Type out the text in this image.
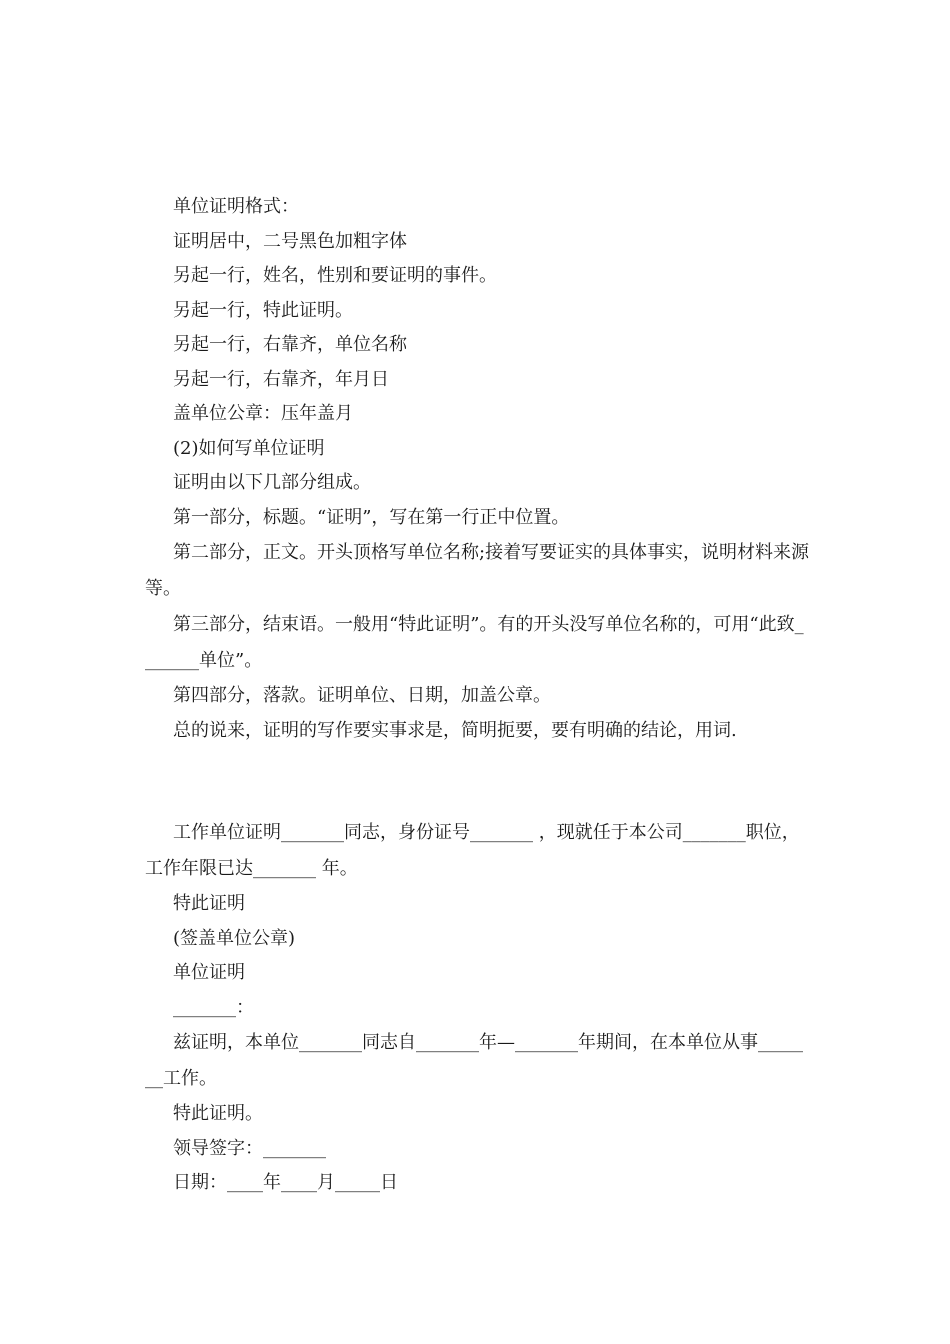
单位证明格式：

证明居中，二号黑色加粗字体

另起一行，姓名，性别和要证明的事件。

另起一行，特此证明。

另起一行，右靠齐，单位名称

另起一行，右靠齐，年月日

盖单位公章：压年盖月

(2)如何写单位证明

证明由以下几部分组成。

第一部分，标题。“证明”，写在第一行正中位置。

第二部分，正文。开头顶格写单位名称;接着写要证实的具体事实，说明材料来源等。

第三部分，结束语。一般用“特此证明”。有的开头没写单位名称的，可用“此致_______单位”。

第四部分，落款。证明单位、日期，加盖公章。

总的说来，证明的写作要实事求是，简明扼要，要有明确的结论，用词.

工作单位证明_______同志，身份证号_______ ，现就任于本公司_______职位，工作年限已达_______ 年。

特此证明

(签盖单位公章)

单位证明

_______：

兹证明，本单位_______同志自_______年—_______年期间，在本单位从事_______工作。

特此证明。

领导签字：_______

日期：____年____月_____日
